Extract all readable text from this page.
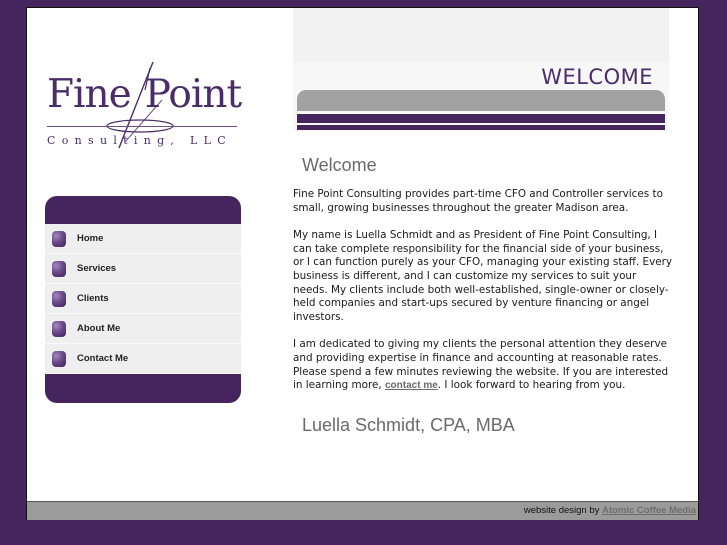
Fine Point
Consulting, LLC
Home
Services
Clients
About Me
Contact Me
WELCOME
Welcome

Fine Point Consulting provides part-time CFO and Controller services to small, growing businesses throughout the greater Madison area.

My name is Luella Schmidt and as President of Fine Point Consulting, I can take complete responsibility for the financial side of your business, or I can function purely as your CFO, managing your existing staff. Every business is different, and I can customize my services to suit your needs. My clients include both well-established, single-owner or closely-held companies and start-ups secured by venture financing or angel investors.

I am dedicated to giving my clients the personal attention they deserve and providing expertise in finance and accounting at reasonable rates. Please spend a few minutes reviewing the website. If you are interested in learning more, contact me. I look forward to hearing from you.

Luella Schmidt, CPA, MBA
website design by Atomic Coffee Media
